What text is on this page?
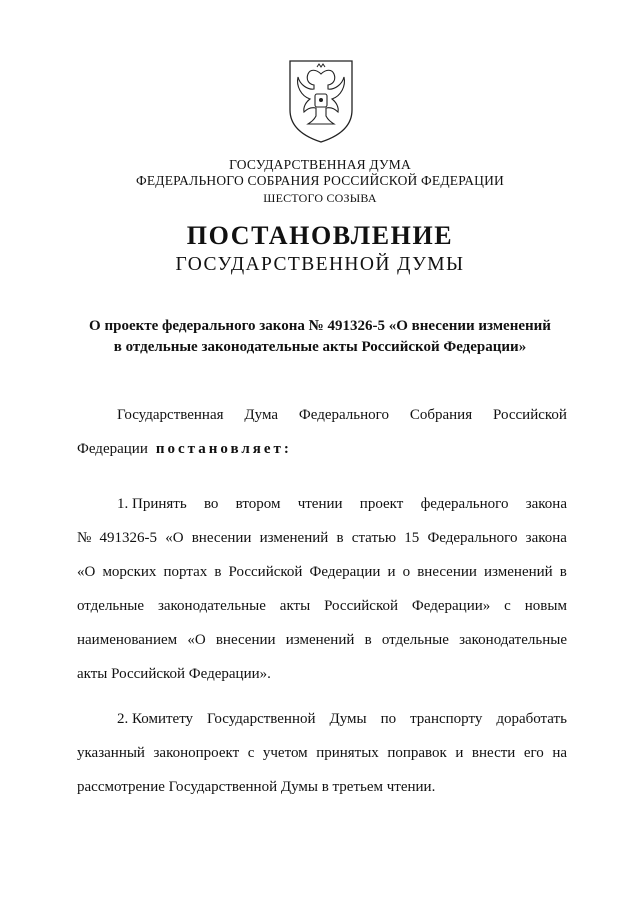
ГОСУДАРСТВЕННАЯ ДУМА
ФЕДЕРАЛЬНОГО СОБРАНИЯ РОССИЙСКОЙ ФЕДЕРАЦИИ
ШЕСТОГО СОЗЫВА
ПОСТАНОВЛЕНИЕ
ГОСУДАРСТВЕННОЙ ДУМЫ
О проекте федерального закона № 491326-5 «О внесении изменений
в отдельные законодательные акты Российской Федерации»
Государственная Дума Федерального Собрания Российской
Федерации постановляет:
1. Принять во втором чтении проект федерального закона
№ 491326-5 «О внесении изменений в статью 15 Федерального закона
«О морских портах в Российской Федерации и о внесении изменений в
отдельные законодательные акты Российской Федерации» с новым
наименованием «О внесении изменений в отдельные законодательные
акты Российской Федерации».
2. Комитету Государственной Думы по транспорту доработать
указанный законопроект с учетом принятых поправок и внести его на
рассмотрение Государственной Думы в третьем чтении.
